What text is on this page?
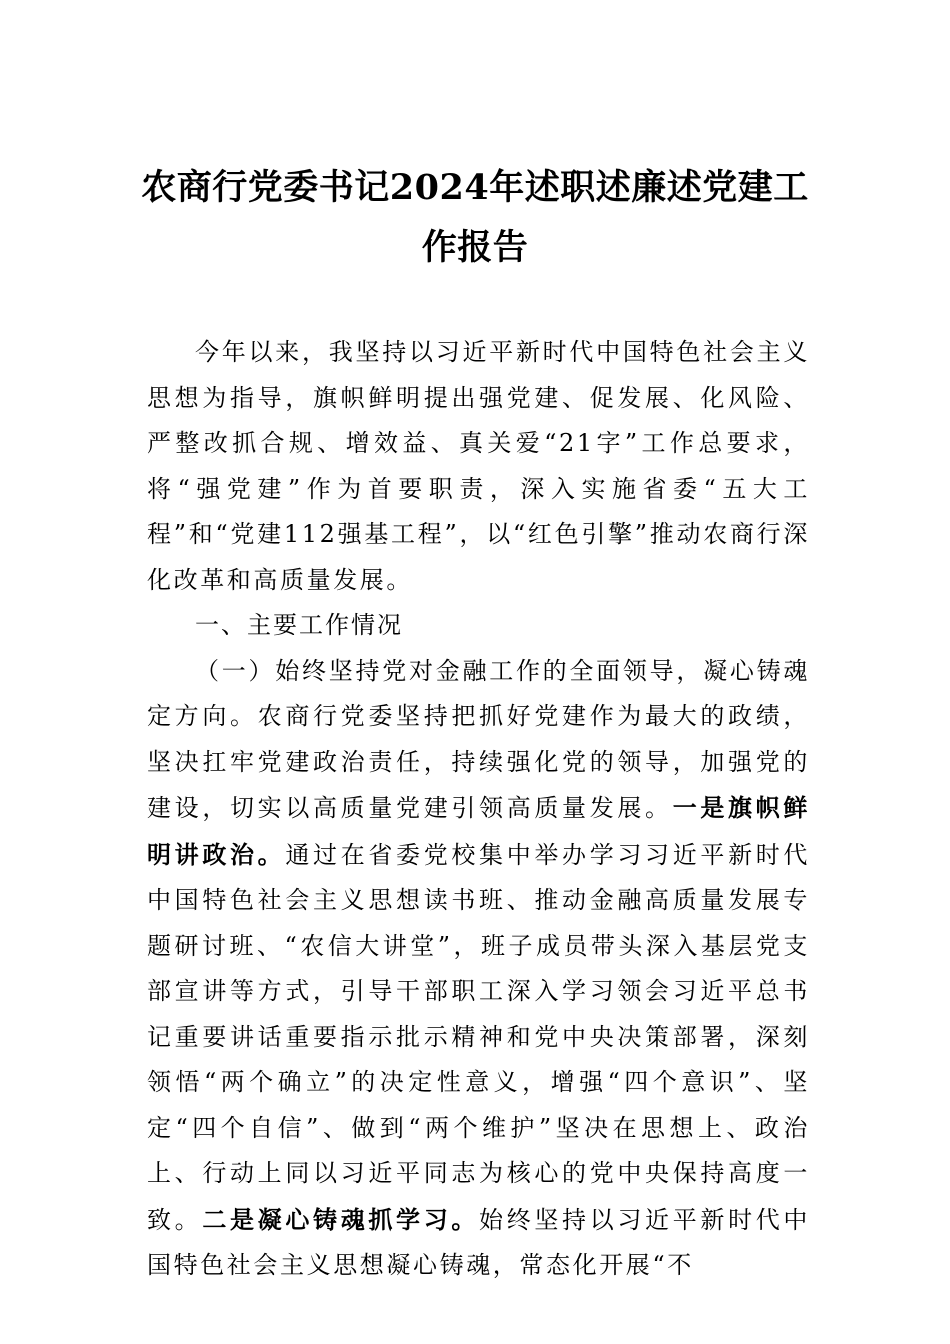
农商行党委书记2024年述职述廉述党建工作报告

今年以来，我坚持以习近平新时代中国特色社会主义思想为指导，旗帜鲜明提出强党建、促发展、化风险、严整改抓合规、增效益、真关爱“21字”工作总要求，将“强党建”作为首要职责，深入实施省委“五大工程”和“党建112强基工程”，以“红色引擎”推动农商行深化改革和高质量发展。

一、主要工作情况

（一）始终坚持党对金融工作的全面领导，凝心铸魂定方向。农商行党委坚持把抓好党建作为最大的政绩，坚决扛牢党建政治责任，持续强化党的领导，加强党的建设，切实以高质量党建引领高质量发展。一是旗帜鲜明讲政治。通过在省委党校集中举办学习习近平新时代中国特色社会主义思想读书班、推动金融高质量发展专题研讨班、“农信大讲堂”，班子成员带头深入基层党支部宣讲等方式，引导干部职工深入学习领会习近平总书记重要讲话重要指示批示精神和党中央决策部署，深刻领悟“两个确立”的决定性意义，增强“四个意识”、坚定“四个自信”、做到“两个维护”坚决在思想上、政治上、行动上同以习近平同志为核心的党中央保持高度一致。二是凝心铸魂抓学习。始终坚持以习近平新时代中国特色社会主义思想凝心铸魂，常态化开展“不
